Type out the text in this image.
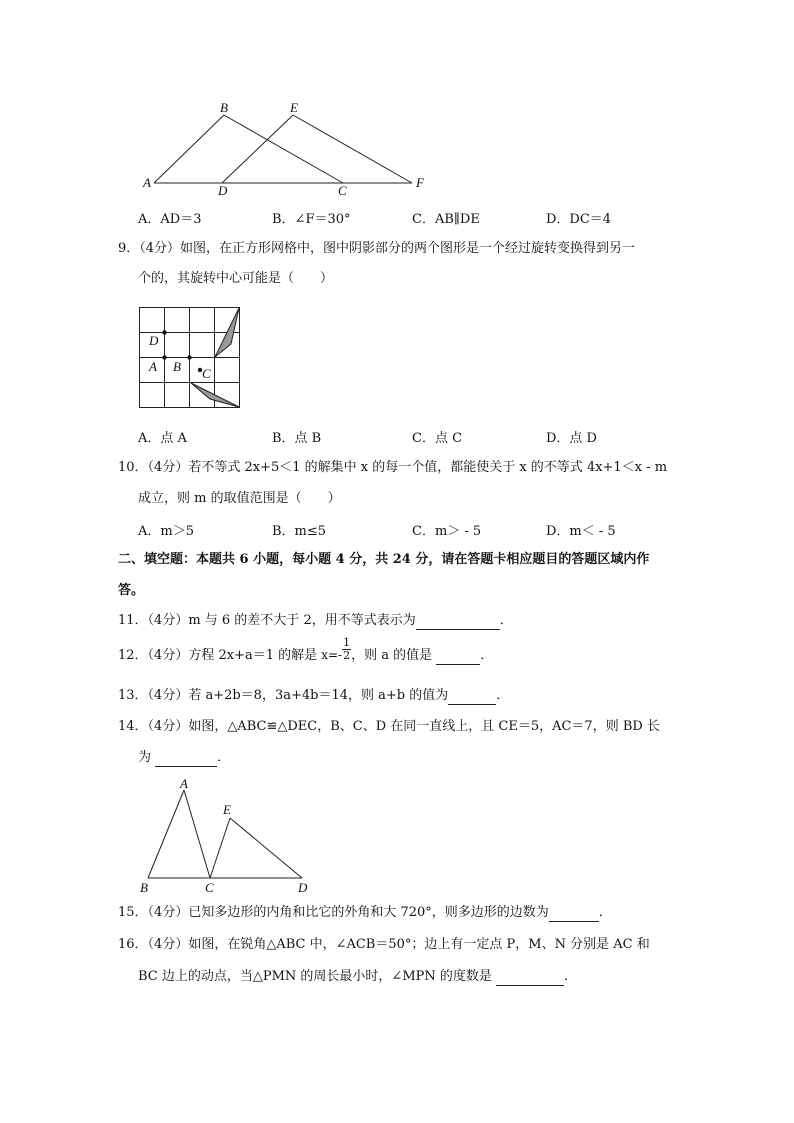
A
B	E
D	C
F
A．AD＝3	B．∠F＝30°	C．AB∥DE	D．DC＝4
9．（4分）如图，在正方形网格中，图中阴影部分的两个图形是一个经过旋转变换得到另一
个的，其旋转中心可能是（　　）
D
A B C
A．点 A	B．点 B	C．点 C	D．点 D
10．（4分）若不等式 2x+5＜1 的解集中 x 的每一个值，都能使关于 x 的不等式 4x+1＜x - m
成立，则 m 的取值范围是（　　）
A．m＞5	B．m≤5	C．m＞ - 5	D．m＜ - 5
二、填空题：本题共 6 小题，每小题 4 分，共 24 分，请在答题卡相应题目的答题区域内作
答。
11．（4分）m 与 6 的差不大于 2，用不等式表示为	．
12．（4分）方程 2x+a＝1 的解是 $x=- \frac{1}{2}$ ，则 a 的值是	．
13．（4分）若 a+2b＝8，3a+4b＝14，则 a+b 的值为	．
14．（4分）如图，△ABC≌△DEC，B、C、D 在同一直线上，且 CE＝5，AC＝7，则 BD 长
为	．
A
E
B	C	D
15．（4分）已知多边形的内角和比它的外角和大 720°，则多边形的边数为	．
16．（4分）如图，在锐角△ABC 中，∠ACB＝50°；边上有一定点 P，M、N 分别是 AC 和
BC 边上的动点，当△PMN 的周长最小时，∠MPN 的度数是	．
